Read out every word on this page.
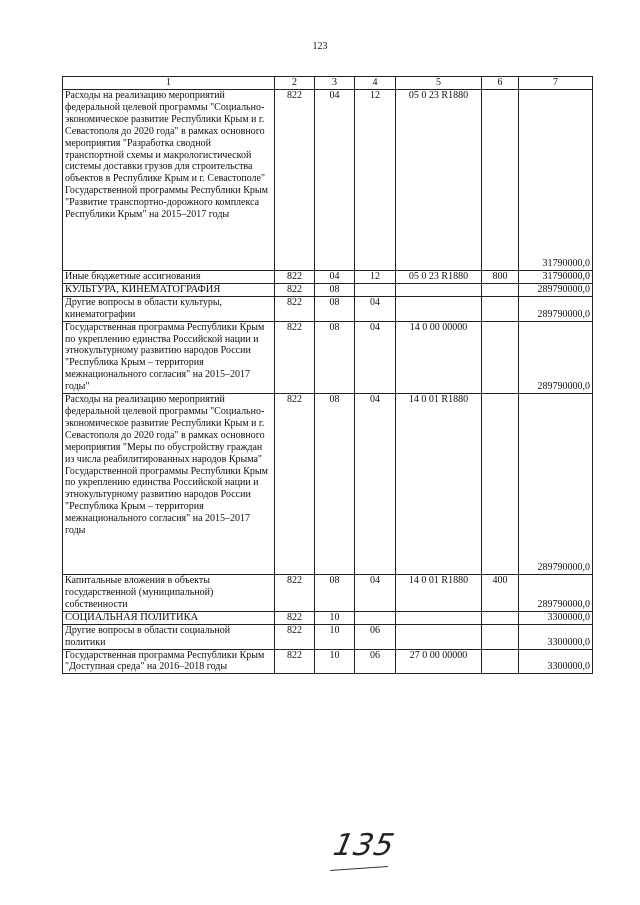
123
1	2	3	4	5	6	7
Расходы на реализацию мероприятий федеральной целевой программы "Социально-экономическое развитие Республики Крым и г. Севастополя до 2020 года" в рамках основного мероприятия "Разработка сводной транспортной схемы и макрологистической системы доставки грузов для строительства объектов в Республике Крым и г. Севастополе" Государственной программы Республики Крым "Развитие транспортно-дорожного комплекса Республики Крым" на 2015–2017 годы	822	04	12	05 0 23 R1880		31790000,0
Иные бюджетные ассигнования	822	04	12	05 0 23 R1880	800	31790000,0
КУЛЬТУРА, КИНЕМАТОГРАФИЯ	822	08				289790000,0
Другие вопросы в области культуры, кинематографии	822	08	04			289790000,0
Государственная программа Республики Крым по укреплению единства Российской нации и этнокультурному развитию народов России "Республика Крым – территория межнационального согласия" на 2015–2017 годы"	822	08	04	14 0 00 00000		289790000,0
Расходы на реализацию мероприятий федеральной целевой программы "Социально-экономическое развитие Республики Крым и г. Севастополя до 2020 года" в рамках основного мероприятия "Меры по обустройству граждан из числа реабилитированных народов Крыма" Государственной программы Республики Крым по укреплению единства Российской нации и этнокультурному развитию народов России "Республика Крым – территория межнационального согласия" на 2015–2017 годы	822	08	04	14 0 01 R1880		289790000,0
Капитальные вложения в объекты государственной (муниципальной) собственности	822	08	04	14 0 01 R1880	400	289790000,0
СОЦИАЛЬНАЯ ПОЛИТИКА	822	10				3300000,0
Другие вопросы в области социальной политики	822	10	06			3300000,0
Государственная программа Республики Крым "Доступная среда" на 2016–2018 годы	822	10	06	27 0 00 00000		3300000,0
135
